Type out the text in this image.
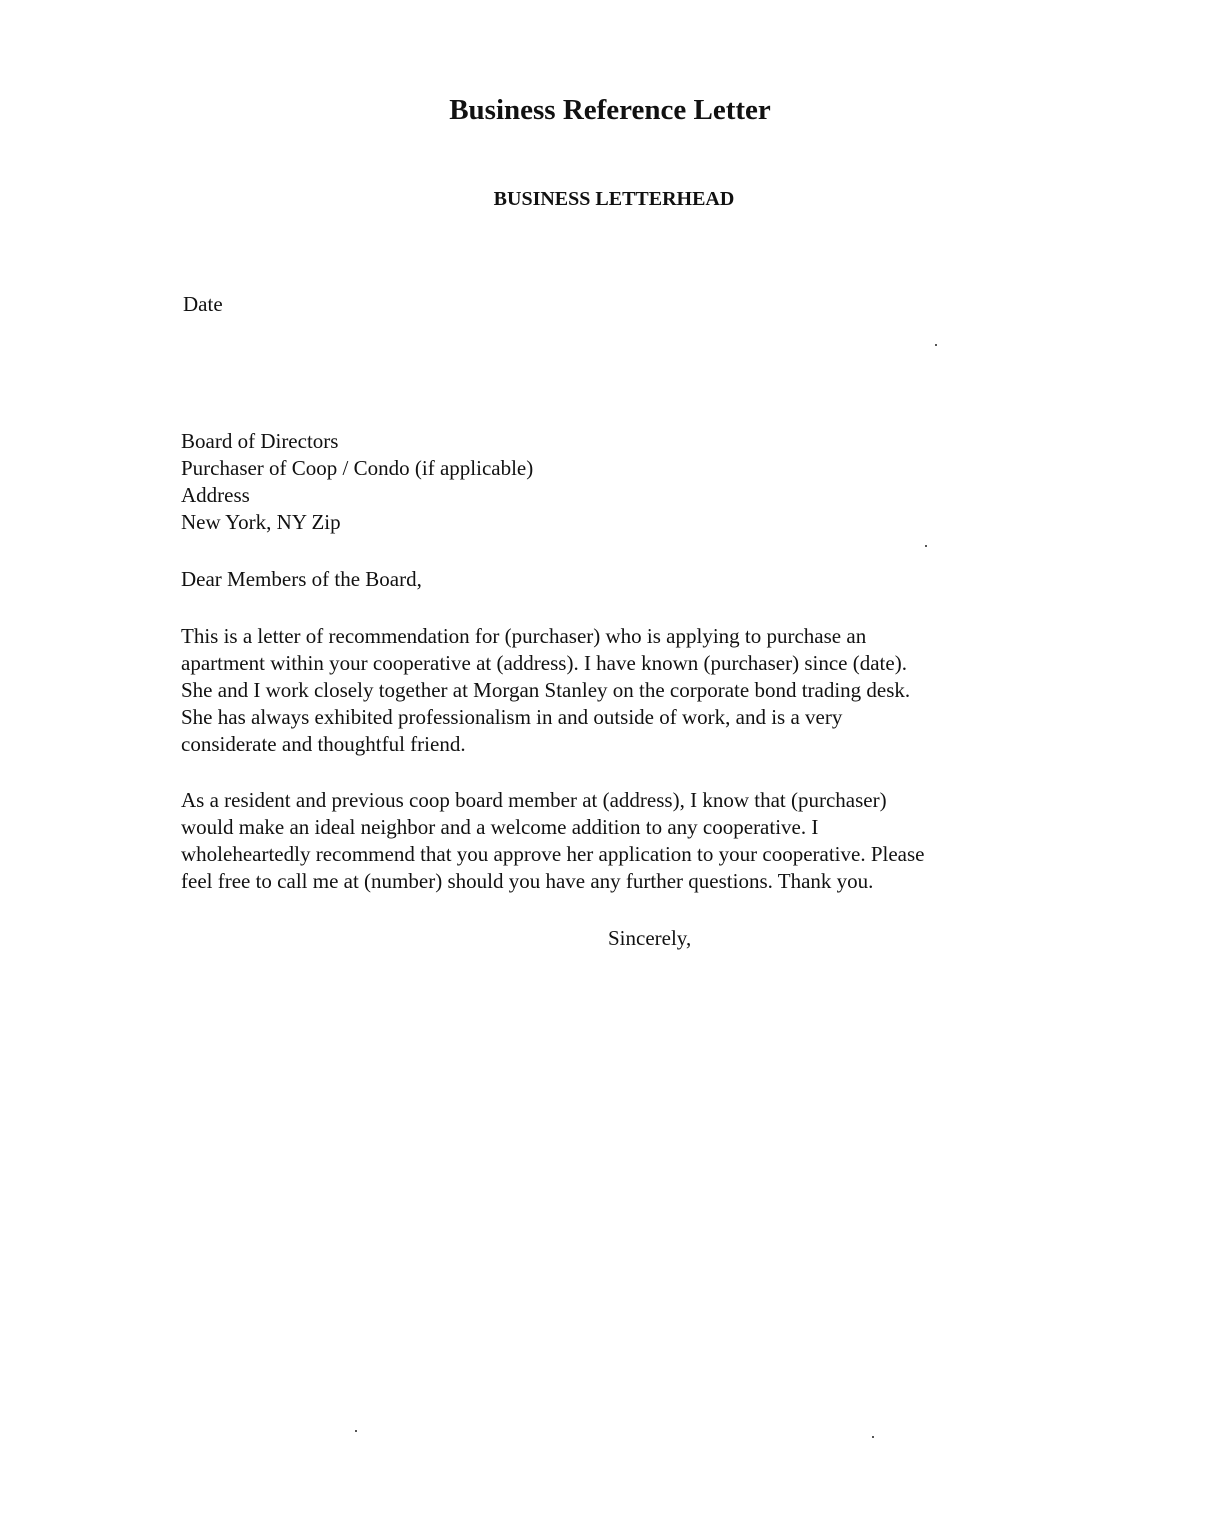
Business Reference Letter
BUSINESS LETTERHEAD
Date
Board of Directors
Purchaser of Coop / Condo (if applicable)
Address
New York, NY Zip
Dear Members of the Board,
This is a letter of recommendation for (purchaser) who is applying to purchase an
apartment within your cooperative at (address). I have known (purchaser) since (date).
She and I work closely together at Morgan Stanley on the corporate bond trading desk.
She has always exhibited professionalism in and outside of work, and is a very
considerate and thoughtful friend.
As a resident and previous coop board member at (address), I know that (purchaser)
would make an ideal neighbor and a welcome addition to any cooperative. I
wholeheartedly recommend that you approve her application to your cooperative. Please
feel free to call me at (number) should you have any further questions. Thank you.
Sincerely,
